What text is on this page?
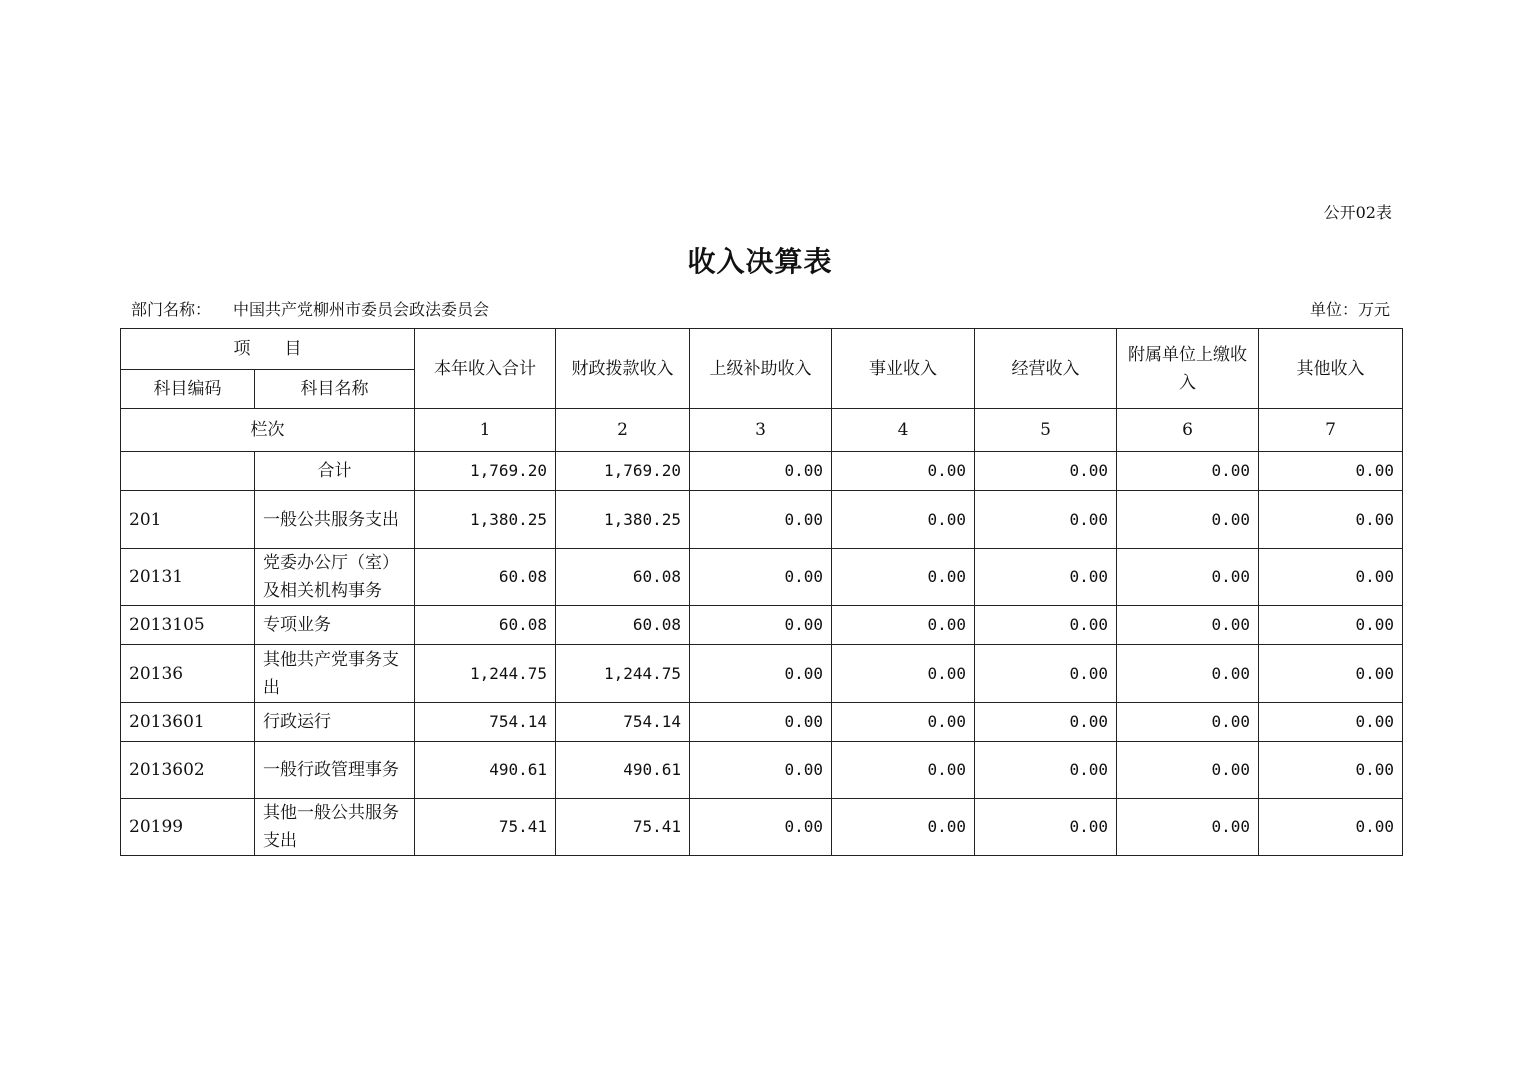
公开02表
收入决算表
部门名称： 中国共产党柳州市委员会政法委员会	单位：万元
项　　目		本年收入合计	财政拨款收入	上级补助收入	事业收入	经营收入	附属单位上缴收入	其他收入
科目编码	科目名称							
栏次		1	2	3	4	5	6	7
	合计	1,769.20	1,769.20	0.00	0.00	0.00	0.00	0.00
201	一般公共服务支出	1,380.25	1,380.25	0.00	0.00	0.00	0.00	0.00
20131	党委办公厅（室）及相关机构事务	60.08	60.08	0.00	0.00	0.00	0.00	0.00
2013105	专项业务	60.08	60.08	0.00	0.00	0.00	0.00	0.00
20136	其他共产党事务支出	1,244.75	1,244.75	0.00	0.00	0.00	0.00	0.00
2013601	行政运行	754.14	754.14	0.00	0.00	0.00	0.00	0.00
2013602	一般行政管理事务	490.61	490.61	0.00	0.00	0.00	0.00	0.00
20199	其他一般公共服务支出	75.41	75.41	0.00	0.00	0.00	0.00	0.00
